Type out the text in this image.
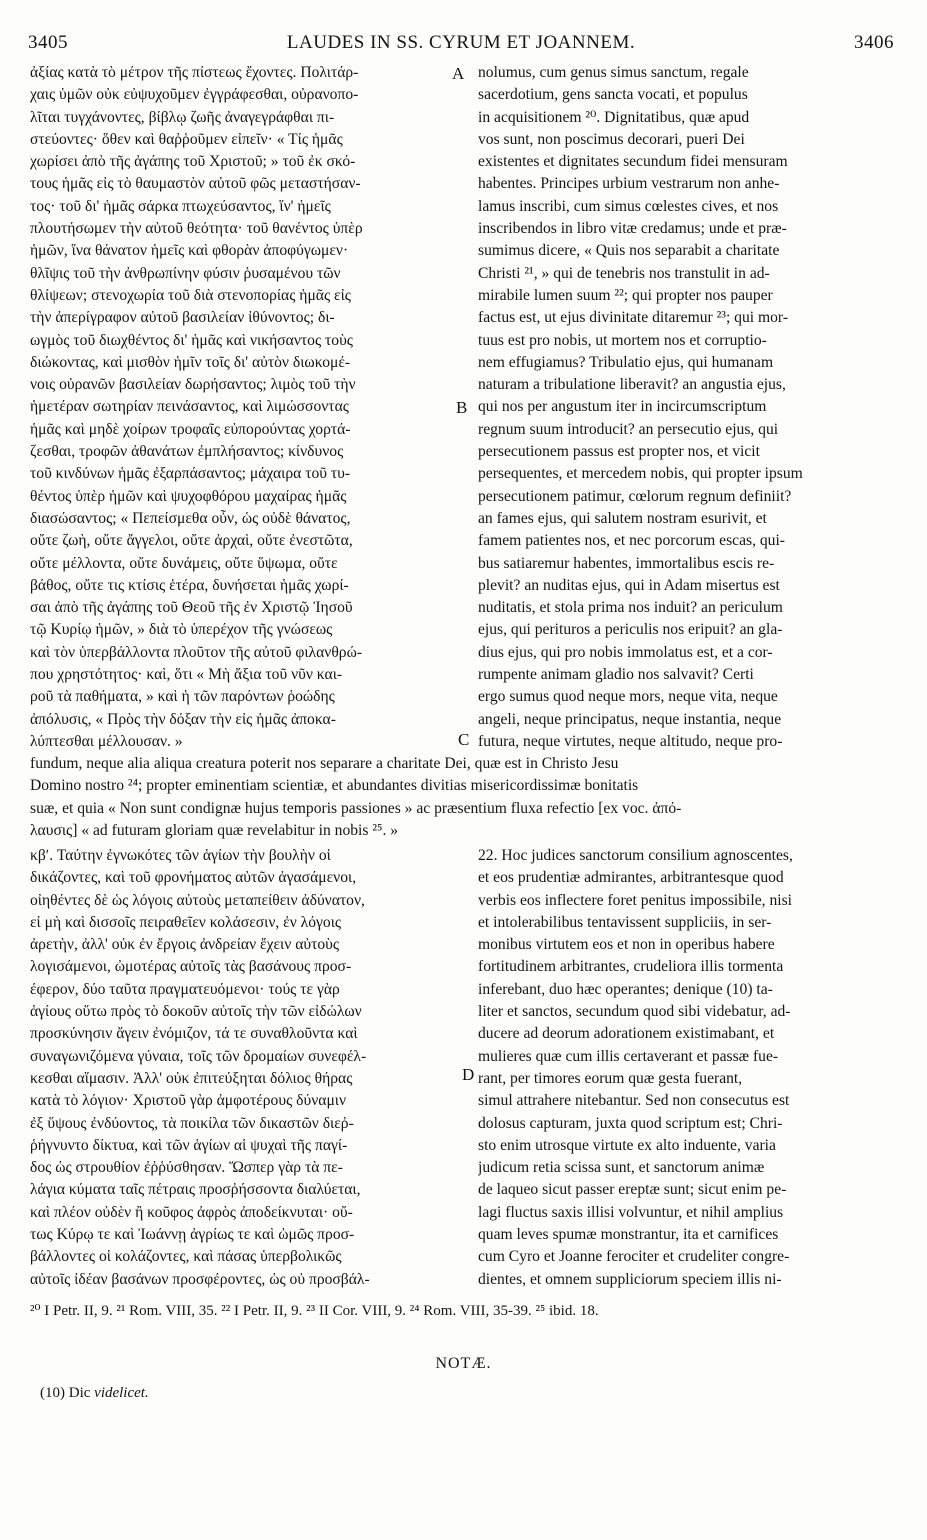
3405	LAUDES IN SS. CYRUM ET JOANNEM.	3406
A
B
C
D
ἀξίας κατὰ τὸ μέτρον τῆς πίστεως ἔχοντες. Πολιτάρ-
χαις ὑμῶν οὐκ εὐψυχοῦμεν ἐγγράφεσθαι, οὐρανοπο-
λῖται τυγχάνοντες, βίβλῳ ζωῆς ἀναγεγράφθαι πι-
στεύοντες· ὅθεν καὶ θαῤῥοῦμεν εἰπεῖν· « Τίς ἡμᾶς
χωρίσει ἀπὸ τῆς ἀγάπης τοῦ Χριστοῦ; » τοῦ ἐκ σκό-
τους ἡμᾶς εἰς τὸ θαυμαστὸν αὐτοῦ φῶς μεταστήσαν-
τος· τοῦ δι' ἡμᾶς σάρκα πτωχεύσαντος, ἵν' ἡμεῖς
πλουτήσωμεν τὴν αὐτοῦ θεότητα· τοῦ θανέντος ὑπὲρ
ἡμῶν, ἵνα θάνατον ἡμεῖς καὶ φθορὰν ἀποφύγωμεν·
θλῖψις τοῦ τὴν ἀνθρωπίνην φύσιν ῥυσαμένου τῶν
θλίψεων; στενοχωρία τοῦ διὰ στενοπορίας ἡμᾶς εἰς
τὴν ἀπερίγραφον αὐτοῦ βασιλείαν ἰθύνοντος; δι-
ωγμὸς τοῦ διωχθέντος δι' ἡμᾶς καὶ νικήσαντος τοὺς
διώκοντας, καὶ μισθὸν ἡμῖν τοῖς δι' αὐτὸν διωκομέ-
νοις οὐρανῶν βασιλείαν δωρήσαντος; λιμὸς τοῦ τὴν
ἡμετέραν σωτηρίαν πεινάσαντος, καὶ λιμώσσοντας
ἡμᾶς καὶ μηδὲ χοίρων τροφαῖς εὐπορούντας χορτά-
ζεσθαι, τροφῶν ἀθανάτων ἐμπλήσαντος; κίνδυνος
τοῦ κινδύνων ἡμᾶς ἐξαρπάσαντος; μάχαιρα τοῦ τυ-
θέντος ὑπὲρ ἡμῶν καὶ ψυχοφθόρου μαχαίρας ἡμᾶς
διασώσαντος; « Πεπείσμεθα οὖν, ὡς οὐδὲ θάνατος,
οὔτε ζωὴ, οὔτε ἄγγελοι, οὔτε ἀρχαὶ, οὔτε ἐνεστῶτα,
οὔτε μέλλοντα, οὔτε δυνάμεις, οὔτε ὕψωμα, οὔτε
βάθος, οὔτε τις κτίσις ἑτέρα, δυνήσεται ἡμᾶς χωρί-
σαι ἀπὸ τῆς ἀγάπης τοῦ Θεοῦ τῆς ἐν Χριστῷ Ἰησοῦ
τῷ Κυρίῳ ἡμῶν, » διὰ τὸ ὑπερέχον τῆς γνώσεως
καὶ τὸν ὑπερβάλλοντα πλοῦτον τῆς αὐτοῦ φιλανθρώ-
που χρηστότητος· καὶ, ὅτι « Μὴ ἄξια τοῦ νῦν και-
ροῦ τὰ παθήματα, » καὶ ἡ τῶν παρόντων ῥοώδης
ἀπόλυσις, « Πρὸς τὴν δόξαν τὴν εἰς ἡμᾶς ἀποκα-
λύπτεσθαι μέλλουσαν. »
nolumus, cum genus simus sanctum, regale
sacerdotium, gens sancta vocati, et populus
in acquisitionem ²⁰. Dignitatibus, quæ apud
vos sunt, non poscimus decorari, pueri Dei
existentes et dignitates secundum fidei mensuram
habentes. Principes urbium vestrarum non anhe-
lamus inscribi, cum simus cœlestes cives, et nos
inscribendos in libro vitæ credamus; unde et præ-
sumimus dicere, « Quis nos separabit a charitate
Christi ²¹, » qui de tenebris nos transtulit in ad-
mirabile lumen suum ²²; qui propter nos pauper
factus est, ut ejus divinitate ditaremur ²³; qui mor-
tuus est pro nobis, ut mortem nos et corruptio-
nem effugiamus? Tribulatio ejus, qui humanam
naturam a tribulatione liberavit? an angustia ejus,
qui nos per angustum iter in incircumscriptum
regnum suum introducit? an persecutio ejus, qui
persecutionem passus est propter nos, et vicit
persequentes, et mercedem nobis, qui propter ipsum
persecutionem patimur, cœlorum regnum definiit?
an fames ejus, qui salutem nostram esurivit, et
famem patientes nos, et nec porcorum escas, qui-
bus satiaremur habentes, immortalibus escis re-
plevit? an nuditas ejus, qui in Adam misertus est
nuditatis, et stola prima nos induit? an periculum
ejus, qui perituros a periculis nos eripuit? an gla-
dius ejus, qui pro nobis immolatus est, et a cor-
rumpente animam gladio nos salvavit? Certi
ergo sumus quod neque mors, neque vita, neque
angeli, neque principatus, neque instantia, neque
futura, neque virtutes, neque altitudo, neque pro-
fundum, neque alia aliqua creatura poterit nos separare a charitate Dei, quæ est in Christo Jesu
Domino nostro ²⁴; propter eminentiam scientiæ, et abundantes divitias misericordissimæ bonitatis
suæ, et quia « Non sunt condignæ hujus temporis passiones » ac præsentium fluxa refectio [ex voc. ἀπό-
λαυσις] « ad futuram gloriam quæ revelabitur in nobis ²⁵. »
κβʹ. Ταύτην ἐγνωκότες τῶν ἁγίων τὴν βουλὴν οἱ
δικάζοντες, καὶ τοῦ φρονήματος αὐτῶν ἀγασάμενοι,
οἰηθέντες δὲ ὡς λόγοις αὐτοὺς μεταπείθειν ἀδύνατον,
εἰ μὴ καὶ δισσοῖς πειραθεῖεν κολάσεσιν, ἐν λόγοις
ἀρετὴν, ἀλλ' οὐκ ἐν ἔργοις ἀνδρείαν ἔχειν αὐτοὺς
λογισάμενοι, ὠμοτέρας αὐτοῖς τὰς βασάνους προσ-
έφερον, δύο ταῦτα πραγματευόμενοι· τούς τε γὰρ
ἁγίους οὕτω πρὸς τὸ δοκοῦν αὐτοῖς τὴν τῶν εἰδώλων
προσκύνησιν ἄγειν ἐνόμιζον, τά τε συναθλοῦντα καὶ
συναγωνιζόμενα γύναια, τοῖς τῶν δρομαίων συνεφέλ-
κεσθαι αἵμασιν. Ἀλλ' οὐκ ἐπιτεύξηται δόλιος θήρας
κατὰ τὸ λόγιον· Χριστοῦ γὰρ ἀμφοτέρους δύναμιν
ἐξ ὕψους ἐνδύοντος, τὰ ποικίλα τῶν δικαστῶν διεῤ-
ῥήγνυντο δίκτυα, καὶ τῶν ἁγίων αἱ ψυχαὶ τῆς παγί-
δος ὡς στρουθίον ἐῤῥύσθησαν. Ὥσπερ γὰρ τὰ πε-
λάγια κύματα ταῖς πέτραις προσῤήσσοντα διαλύεται,
καὶ πλέον οὐδὲν ἢ κοῦφος ἀφρὸς ἀποδείκνυται· οὔ-
τως Κύρῳ τε καὶ Ἰωάννῃ ἀγρίως τε καὶ ὠμῶς προσ-
βάλλοντες οἱ κολάζοντες, καὶ πάσας ὑπερβολικῶς
αὐτοῖς ἰδέαν βασάνων προσφέροντες, ὡς οὐ προσβάλ-
22. Hoc judices sanctorum consilium agnoscentes,
et eos prudentiæ admirantes, arbitrantesque quod
verbis eos inflectere foret penitus impossibile, nisi
et intolerabilibus tentavissent suppliciis, in ser-
monibus virtutem eos et non in operibus habere
fortitudinem arbitrantes, crudeliora illis tormenta
inferebant, duo hæc operantes; denique (10) ta-
liter et sanctos, secundum quod sibi videbatur, ad-
ducere ad deorum adorationem existimabant, et
mulieres quæ cum illis certaverant et passæ fue-
rant, per timores eorum quæ gesta fuerant,
simul attrahere nitebantur. Sed non consecutus est
dolosus capturam, juxta quod scriptum est; Chri-
sto enim utrosque virtute ex alto induente, varia
judicum retia scissa sunt, et sanctorum animæ
de laqueo sicut passer ereptæ sunt; sicut enim pe-
lagi fluctus saxis illisi volvuntur, et nihil amplius
quam leves spumæ monstrantur, ita et carnifices
cum Cyro et Joanne ferociter et crudeliter congre-
dientes, et omnem suppliciorum speciem illis ni-
²⁰ I Petr. II, 9. ²¹ Rom. VIII, 35. ²² I Petr. II, 9. ²³ II Cor. VIII, 9. ²⁴ Rom. VIII, 35-39. ²⁵ ibid. 18.
NOTÆ.
(10) Dic videlicet.
